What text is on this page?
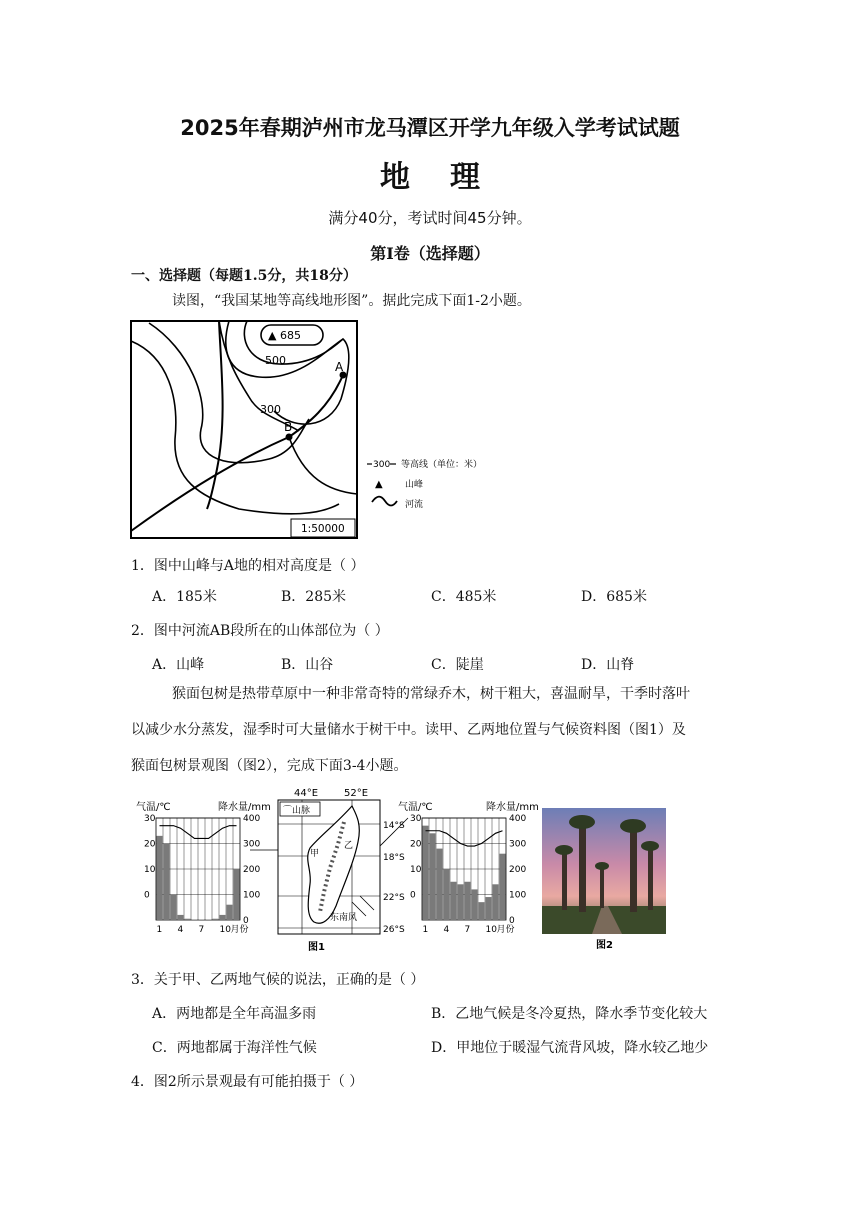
2025年春期泸州市龙马潭区开学九年级入学考试试题
地理
满分40分，考试时间45分钟。
第Ⅰ卷（选择题）
一、选择题（每题1.5分，共18分）
读图，“我国某地等高线地形图”。据此完成下面1-2小题。
▲ 685
500
300
A
B
1:50000
300 等高线（单位：米）
▲ 山峰
河流
1．图中山峰与A地的相对高度是（ ）
A．185米	B．285米	C．485米	D．685米
2．图中河流AB段所在的山体部位为（ ）
A．山峰	B．山谷	C．陡崖	D．山脊
猴面包树是热带草原中一种非常奇特的常绿乔木，树干粗大，喜温耐旱，干季时落叶
以减少水分蒸发，湿季时可大量储水于树干中。读甲、乙两地位置与气候资料图（图1）及
猴面包树景观图（图2），完成下面3-4小题。
气温/℃	降水量/mm
30
20
10
0
400
300
200
100
0
1 4 7 10 月份
气温/℃	降水量/mm
30
20
10
0
400
300
200
100
0
1 4 7 10 月份
44°E	52°E
⌒ 山脉
甲
乙
东南风
14°S
18°S
22°S
26°S
图1	图2
3．关于甲、乙两地气候的说法，正确的是（ ）
A．两地都是全年高温多雨	B．乙地气候是冬冷夏热，降水季节变化较大
C．两地都属于海洋性气候	D．甲地位于暖湿气流背风坡，降水较乙地少
4．图2所示景观最有可能拍摄于（ ）
